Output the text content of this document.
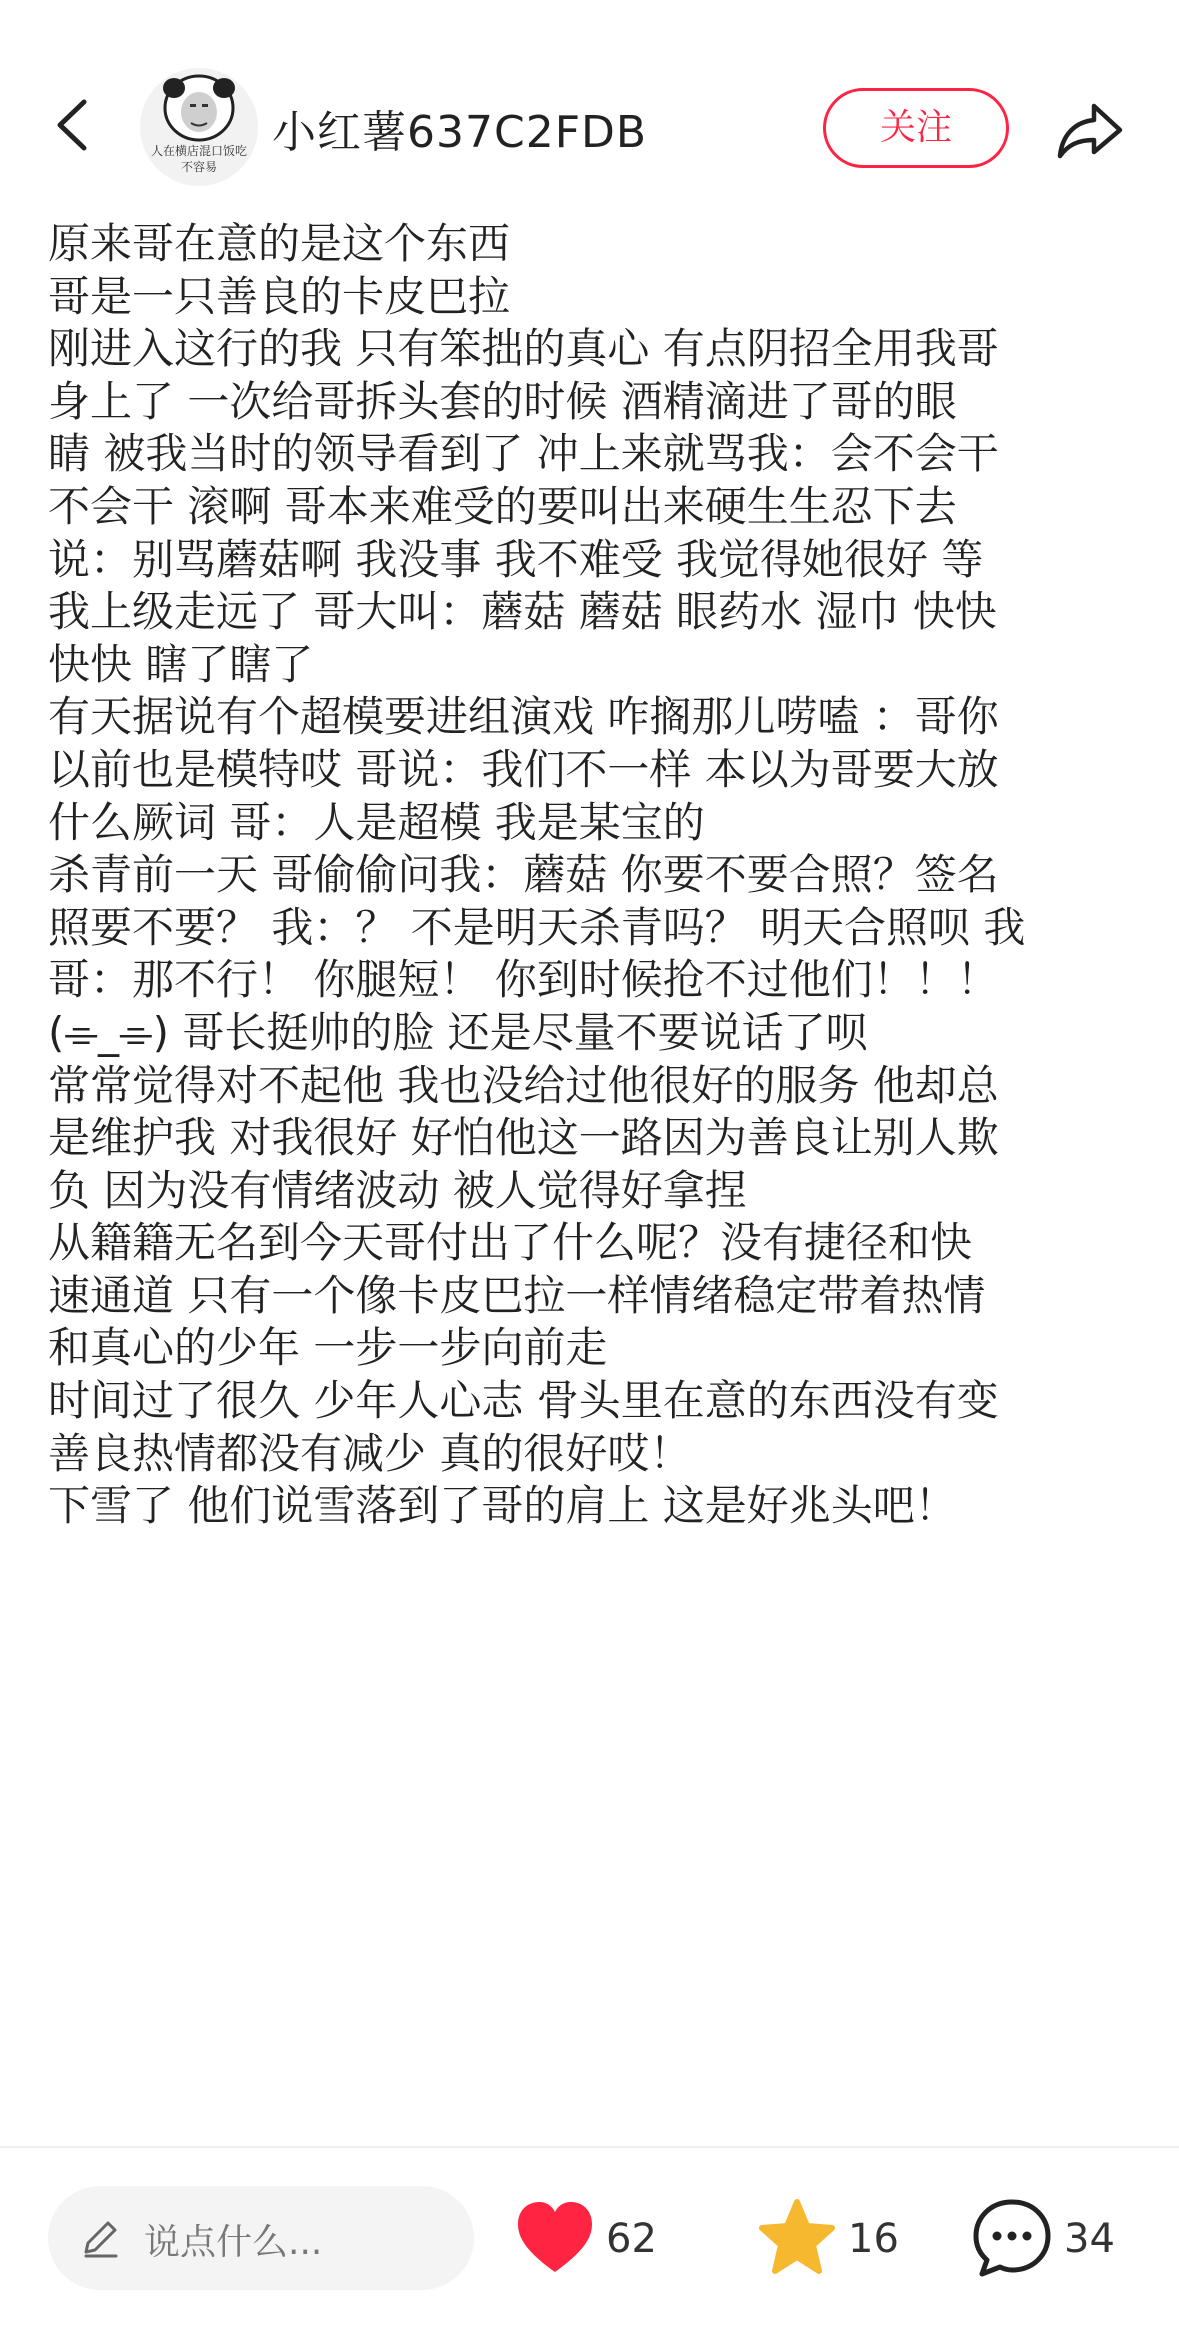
人在横店混口饭吃
不容易
小红薯637C2FDB	关注
原来哥在意的是这个东西
哥是一只善良的卡皮巴拉
刚进入这行的我 只有笨拙的真心 有点阴招全用我哥
身上了 一次给哥拆头套的时候 酒精滴进了哥的眼
睛 被我当时的领导看到了 冲上来就骂我：会不会干
不会干 滚啊 哥本来难受的要叫出来硬生生忍下去
说：别骂蘑菇啊 我没事 我不难受 我觉得她很好 等
我上级走远了 哥大叫：蘑菇 蘑菇 眼药水 湿巾 快快
快快 瞎了瞎了
有天据说有个超模要进组演戏 咋搁那儿唠嗑 ：哥你
以前也是模特哎 哥说：我们不一样 本以为哥要大放
什么厥词 哥：人是超模 我是某宝的
杀青前一天 哥偷偷问我：蘑菇 你要不要合照？签名
照要不要？ 我：？ 不是明天杀青吗？ 明天合照呗 我
哥：那不行！ 你腿短！ 你到时候抢不过他们！！！
(⌯_⌯) 哥长挺帅的脸 还是尽量不要说话了呗
常常觉得对不起他 我也没给过他很好的服务 他却总
是维护我 对我很好 好怕他这一路因为善良让别人欺
负 因为没有情绪波动 被人觉得好拿捏
从籍籍无名到今天哥付出了什么呢？没有捷径和快
速通道 只有一个像卡皮巴拉一样情绪稳定带着热情
和真心的少年 一步一步向前走
时间过了很久 少年人心志 骨头里在意的东西没有变
善良热情都没有减少 真的很好哎！
下雪了 他们说雪落到了哥的肩上 这是好兆头吧！
说点什么...	62	16	34
